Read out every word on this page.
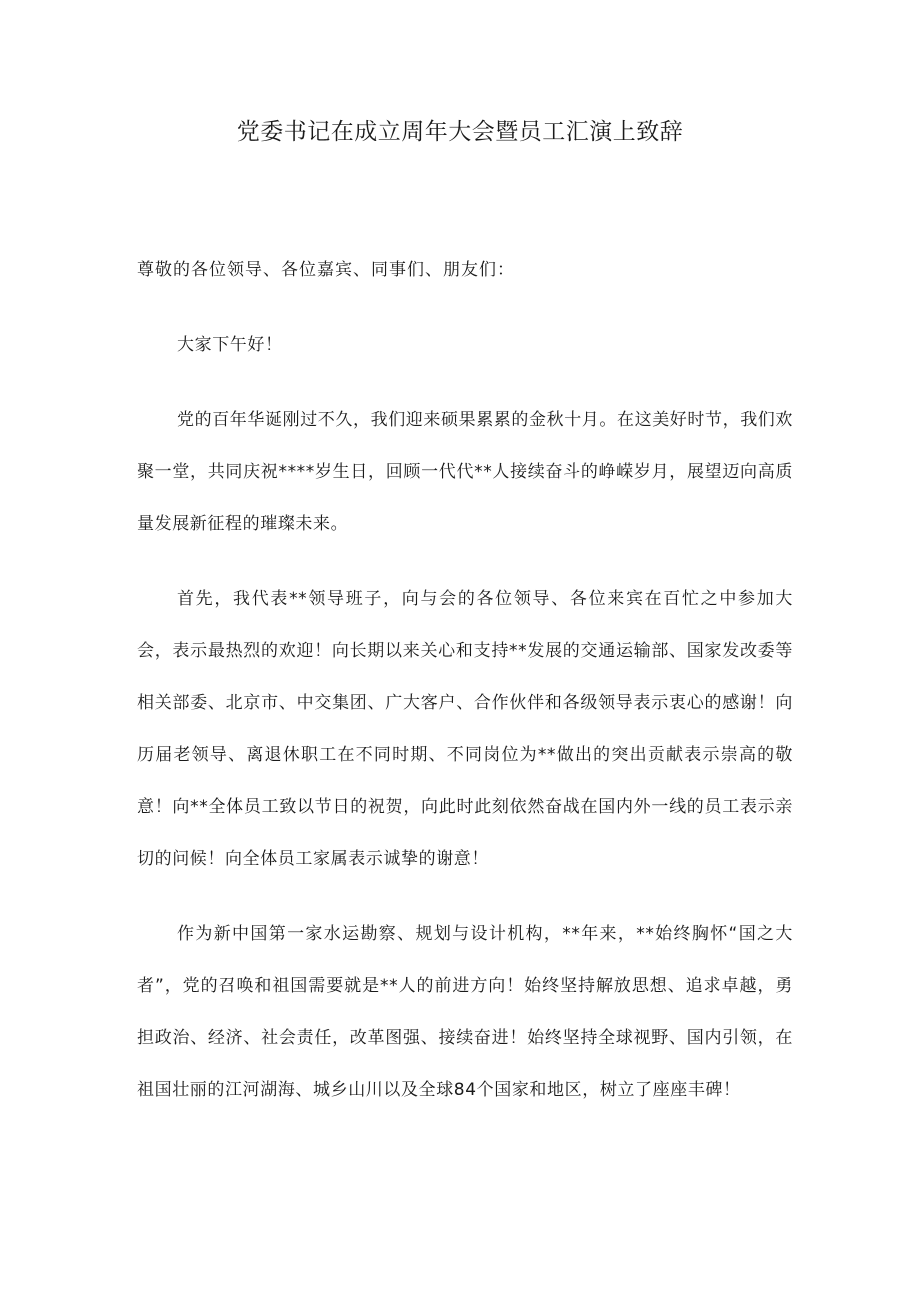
党委书记在成立周年大会暨员工汇演上致辞

尊敬的各位领导、各位嘉宾、同事们、朋友们：

大家下午好！

党的百年华诞刚过不久，我们迎来硕果累累的金秋十月。在这美好时节，我们欢聚一堂，共同庆祝****岁生日，回顾一代代**人接续奋斗的峥嵘岁月，展望迈向高质量发展新征程的璀璨未来。

首先，我代表**领导班子，向与会的各位领导、各位来宾在百忙之中参加大会，表示最热烈的欢迎！向长期以来关心和支持**发展的交通运输部、国家发改委等相关部委、北京市、中交集团、广大客户、合作伙伴和各级领导表示衷心的感谢！向历届老领导、离退休职工在不同时期、不同岗位为**做出的突出贡献表示崇高的敬意！向**全体员工致以节日的祝贺，向此时此刻依然奋战在国内外一线的员工表示亲切的问候！向全体员工家属表示诚挚的谢意！

作为新中国第一家水运勘察、规划与设计机构，**年来，**始终胸怀“国之大者”，党的召唤和祖国需要就是**人的前进方向！始终坚持解放思想、追求卓越，勇担政治、经济、社会责任，改革图强、接续奋进！始终坚持全球视野、国内引领，在祖国壮丽的江河湖海、城乡山川以及全球84个国家和地区，树立了座座丰碑！
